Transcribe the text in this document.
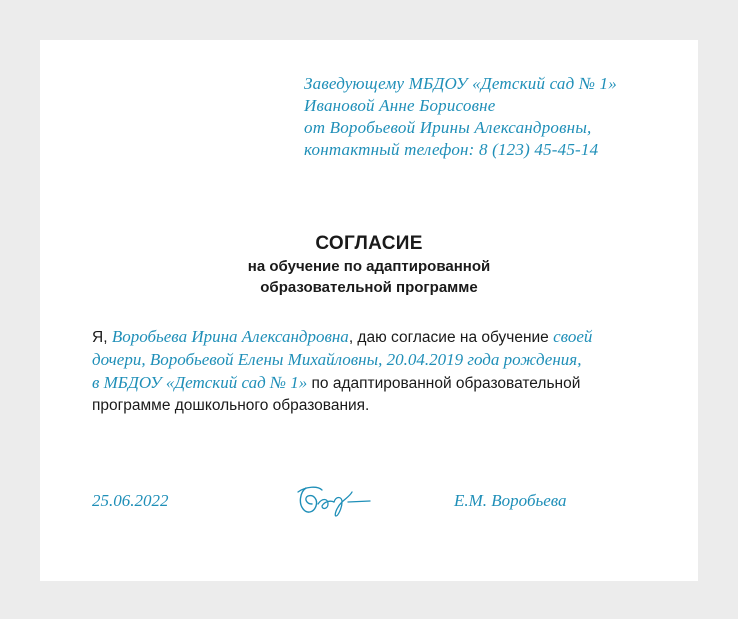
Заведующему МБДОУ «Детский сад № 1»
Ивановой Анне Борисовне
от Воробьевой Ирины Александровны,
контактный телефон: 8 (123) 45-45-14
СОГЛАСИЕ
на обучение по адаптированной
образовательной программе
Я, Воробьева Ирина Александровна, даю согласие на обучение своей
дочери, Воробьевой Елены Михайловны, 20.04.2019 года рождения,
в МБДОУ «Детский сад № 1» по адаптированной образовательной
программе дошкольного образования.
25.06.2022	Е.М. Воробьева
